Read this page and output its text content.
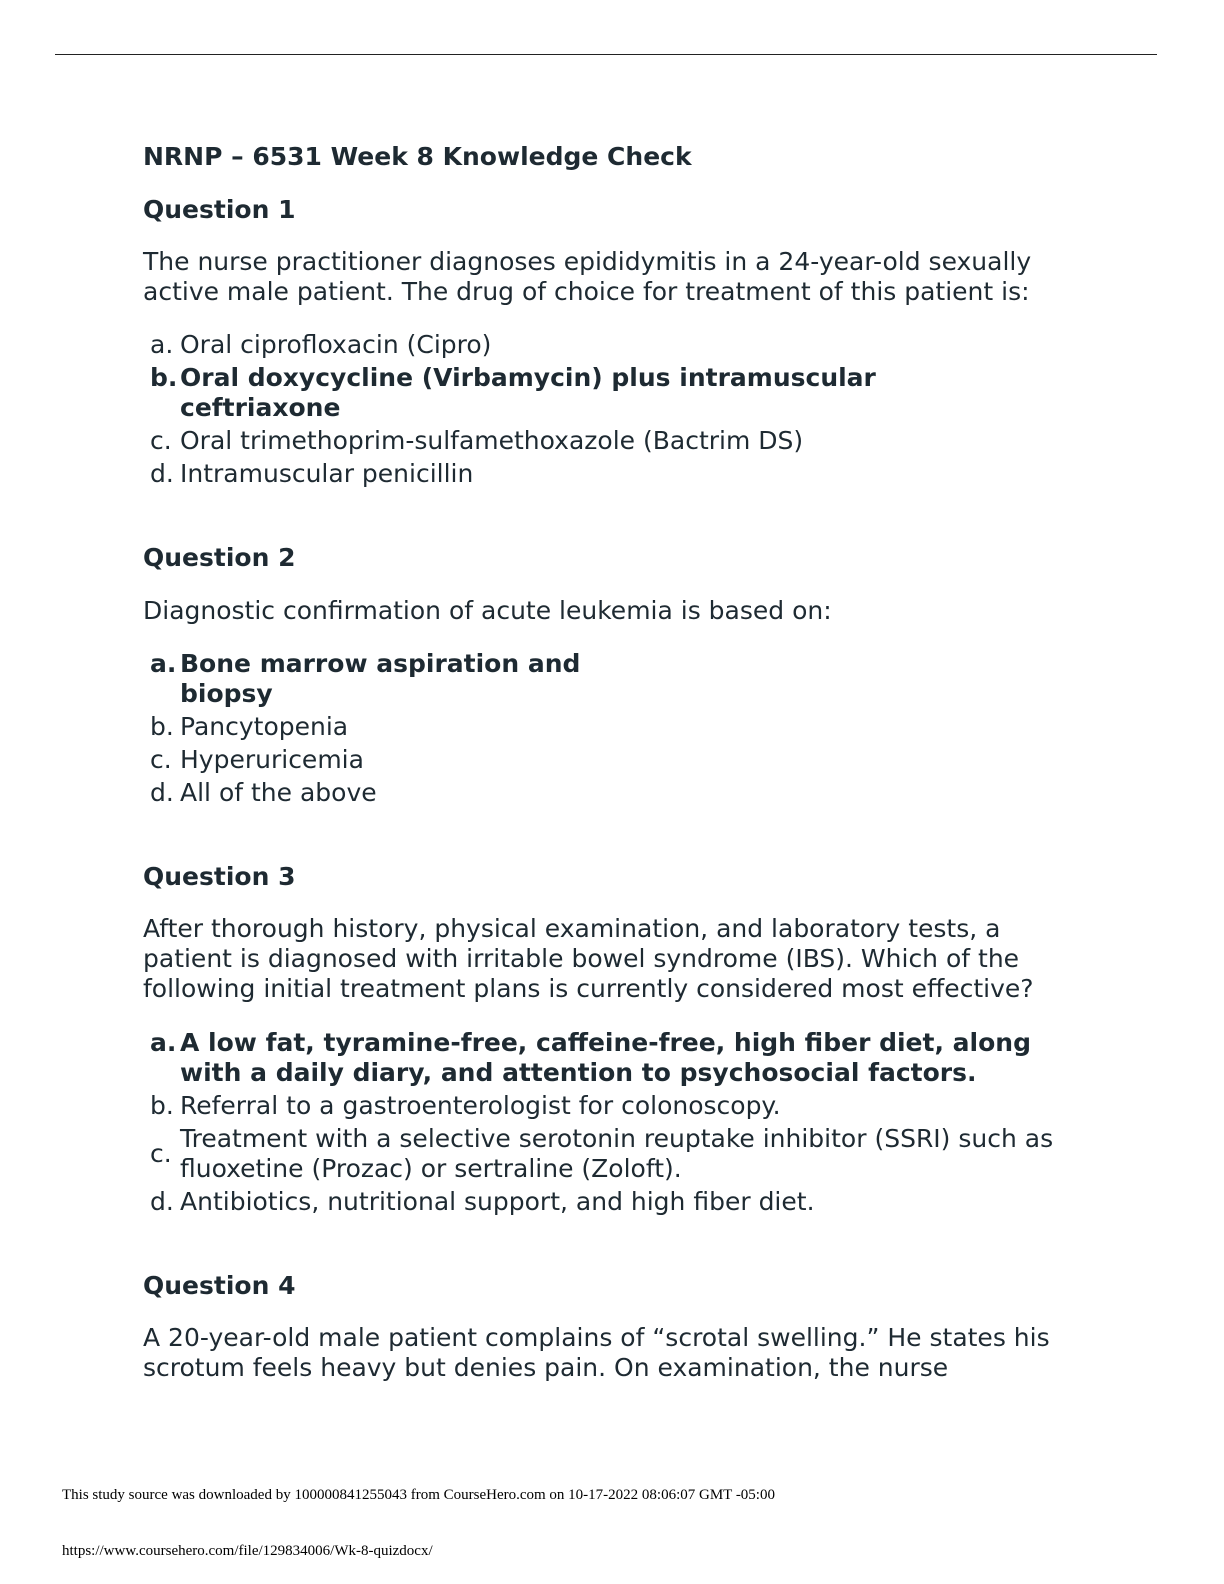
NRNP – 6531 Week 8 Knowledge Check
Question 1

The nurse practitioner diagnoses epididymitis in a 24-year-old sexually active male patient. The drug of choice for treatment of this patient is:

a. Oral ciprofloxacin (Cipro)
b. Oral doxycycline (Virbamycin) plus intramuscular ceftriaxone
c. Oral trimethoprim-sulfamethoxazole (Bactrim DS)
d. Intramuscular penicillin
Question 2

Diagnostic confirmation of acute leukemia is based on:

a. Bone marrow aspiration and biopsy
b. Pancytopenia
c. Hyperuricemia
d. All of the above
Question 3

After thorough history, physical examination, and laboratory tests, a patient is diagnosed with irritable bowel syndrome (IBS). Which of the following initial treatment plans is currently considered most effective?

a. A low fat, tyramine-free, caffeine-free, high fiber diet, along with a daily diary, and attention to psychosocial factors.
b. Referral to a gastroenterologist for colonoscopy.
c.
Treatment with a selective serotonin reuptake inhibitor (SSRI) such as fluoxetine (Prozac) or sertraline (Zoloft).
d. Antibiotics, nutritional support, and high fiber diet.
Question 4

A 20-year-old male patient complains of “scrotal swelling.” He states his scrotum feels heavy but denies pain. On examination, the nurse

This study source was downloaded by 100000841255043 from CourseHero.com on 10-17-2022 08:06:07 GMT -05:00
https://www.coursehero.com/file/129834006/Wk-8-quizdocx/
